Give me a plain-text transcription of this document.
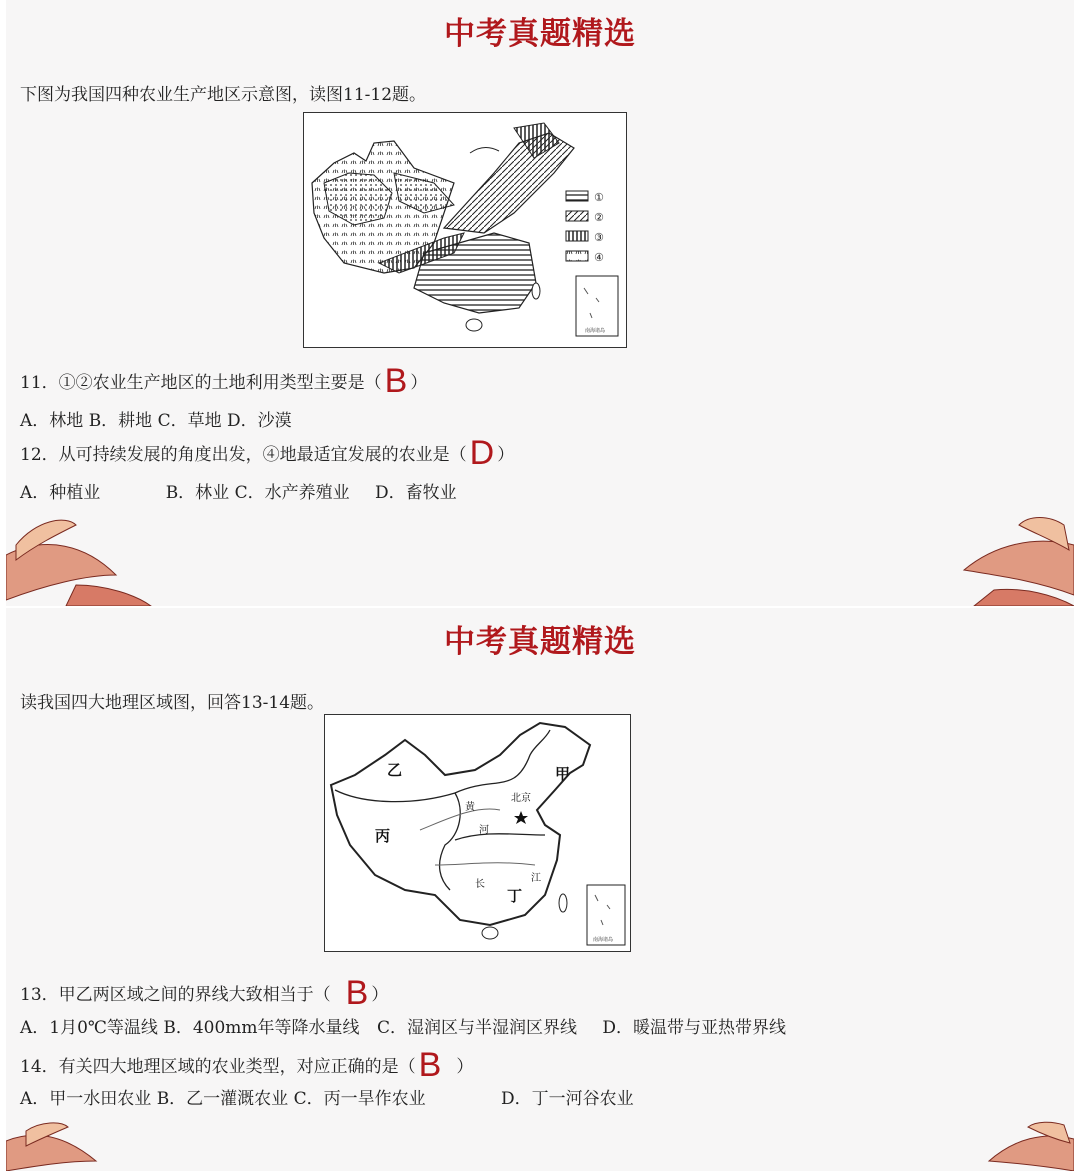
中考真题精选
下图为我国四种农业生产地区示意图，读图11-12题。
①
②
③
④
南海诸岛
11．①②农业生产地区的土地利用类型主要是（B ）
A．林地 B．耕地 C．草地 D．沙漠
12．从可持续发展的角度出发，④地最适宜发展的农业是（D ）
A．种植业	B．林业 C．水产养殖业 D．畜牧业
中考真题精选
读我国四大地理区域图，回答13-14题。
甲
乙
丙
丁
黄
河
长
江
北京
南海诸岛
13．甲乙两区域之间的界线大致相当于（ B ）
A．1月0℃等温线 B．400mm年等降水量线 C．湿润区与半湿润区界线 D．暖温带与亚热带界线
14．有关四大地理区域的农业类型，对应正确的是（B ）
A．甲一水田农业 B．乙一灌溉农业 C．丙一旱作农业	D．丁一河谷农业
